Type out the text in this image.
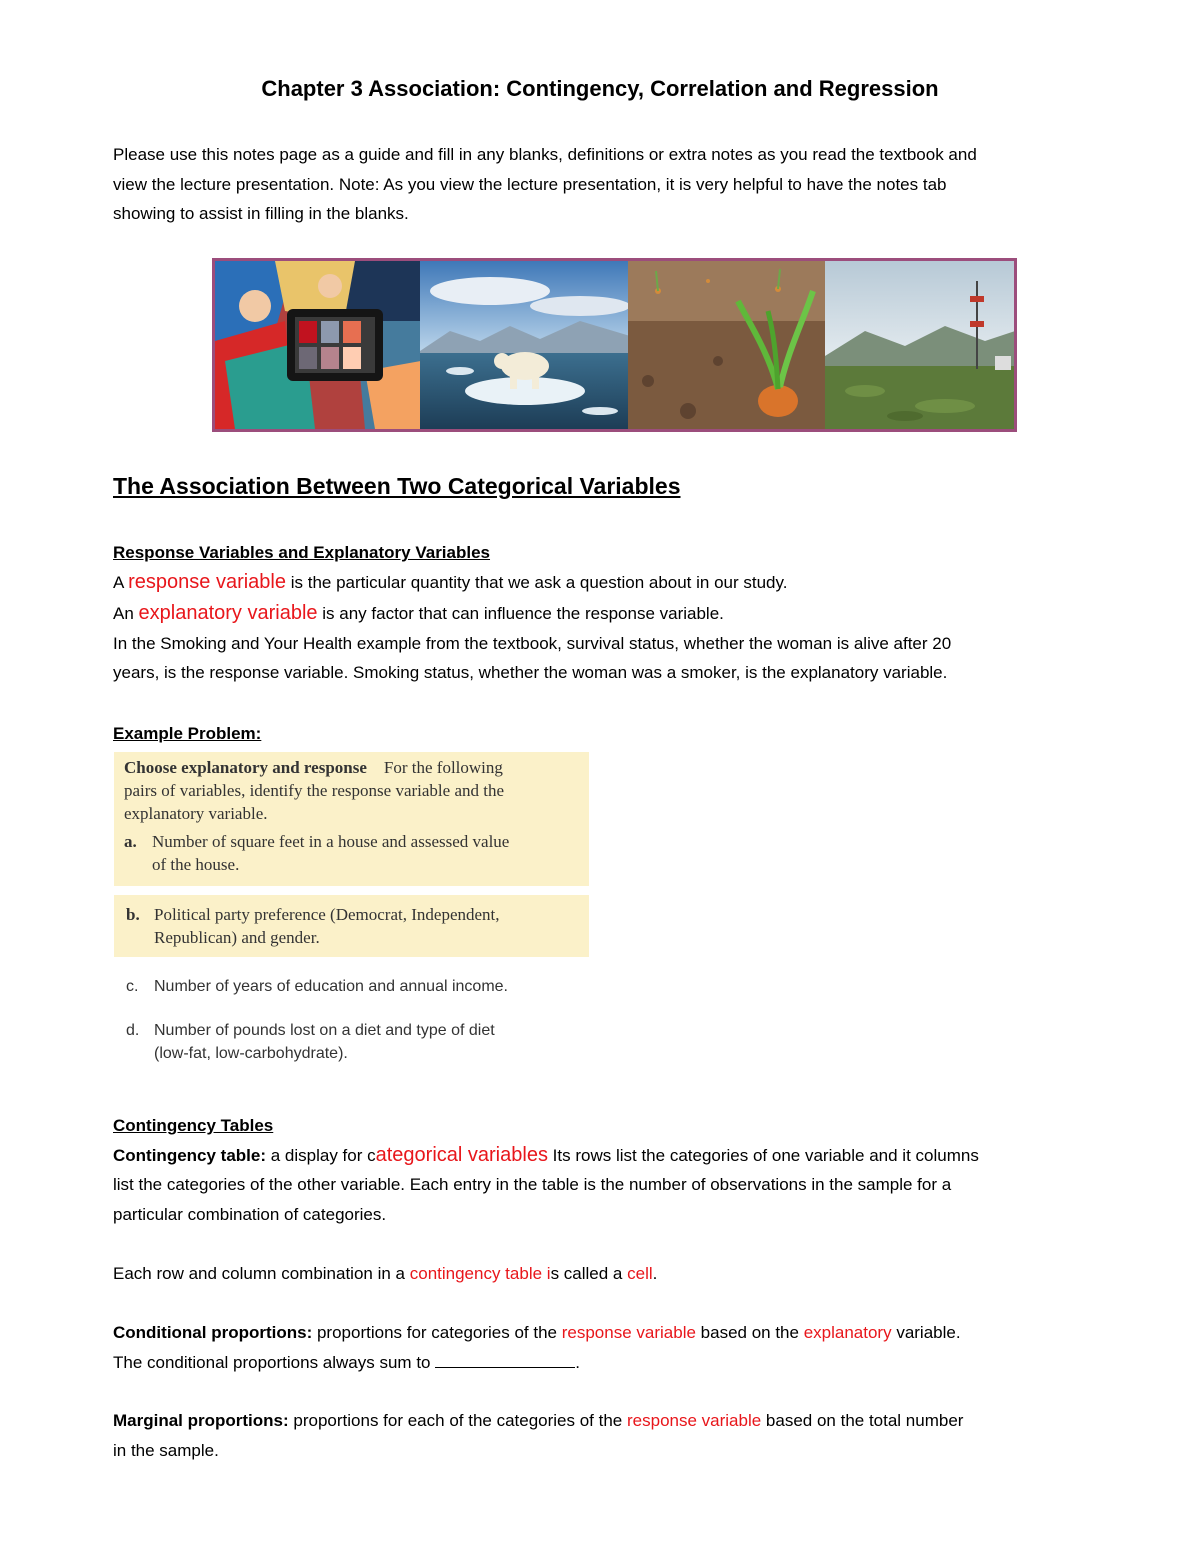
Chapter 3 Association: Contingency, Correlation and Regression
Please use this notes page as a guide and fill in any blanks, definitions or extra notes as you read the textbook and
view the lecture presentation. Note: As you view the lecture presentation, it is very helpful to have the notes tab
showing to assist in filling in the blanks.
The Association Between Two Categorical Variables
Response Variables and Explanatory Variables
A response variable is the particular quantity that we ask a question about in our study.
An explanatory variable is any factor that can influence the response variable.
In the Smoking and Your Health example from the textbook, survival status, whether the woman is alive after 20
years, is the response variable. Smoking status, whether the woman was a smoker, is the explanatory variable.
Example Problem:
Choose explanatory and response For the following
pairs of variables, identify the response variable and the
explanatory variable.
a. Number of square feet in a house and assessed value
of the house.
b. Political party preference (Democrat, Independent,
Republican) and gender.
c. Number of years of education and annual income.
d. Number of pounds lost on a diet and type of diet
(low-fat, low-carbohydrate).
Contingency Tables
Contingency table: a display for categorical variables Its rows list the categories of one variable and it columns
list the categories of the other variable. Each entry in the table is the number of observations in the sample for a
particular combination of categories.
Each row and column combination in a contingency table is called a cell.
Conditional proportions: proportions for categories of the response variable based on the explanatory variable.
The conditional proportions always sum to	.
Marginal proportions: proportions for each of the categories of the response variable based on the total number
in the sample.
